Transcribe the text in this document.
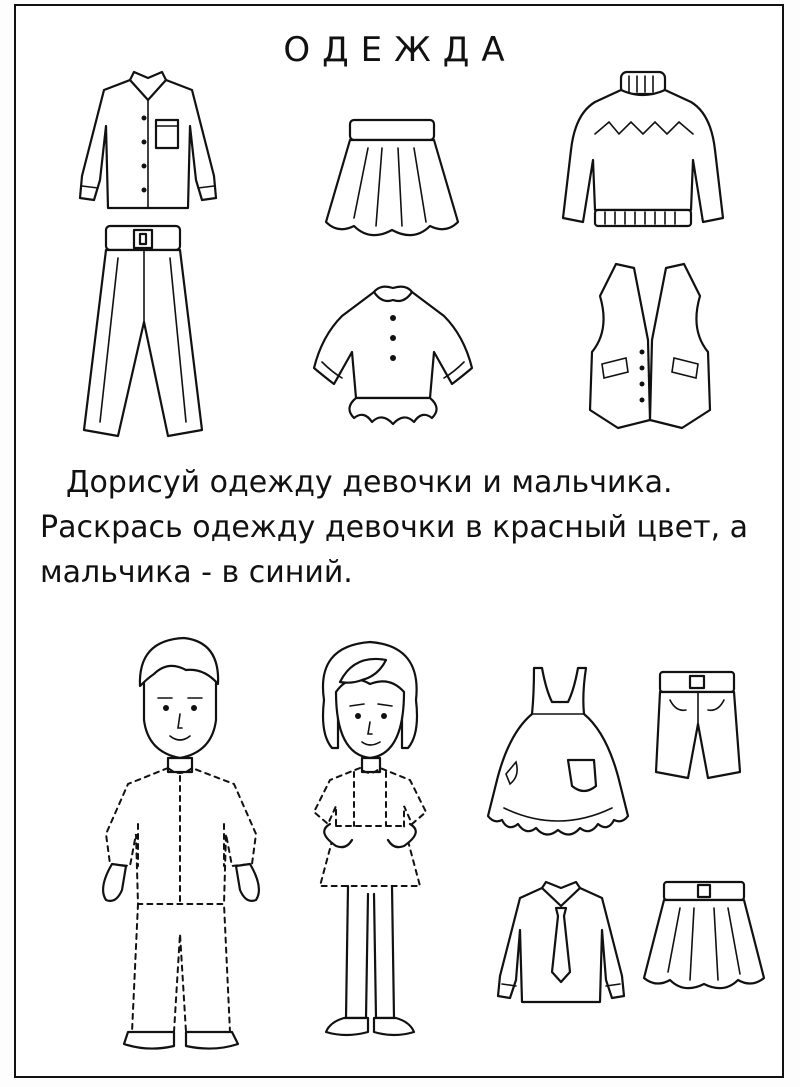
ОДЕЖДА

Дорисуй одежду девочки и мальчика. Раскрась одежду девочки в красный цвет, а мальчика - в синий.
